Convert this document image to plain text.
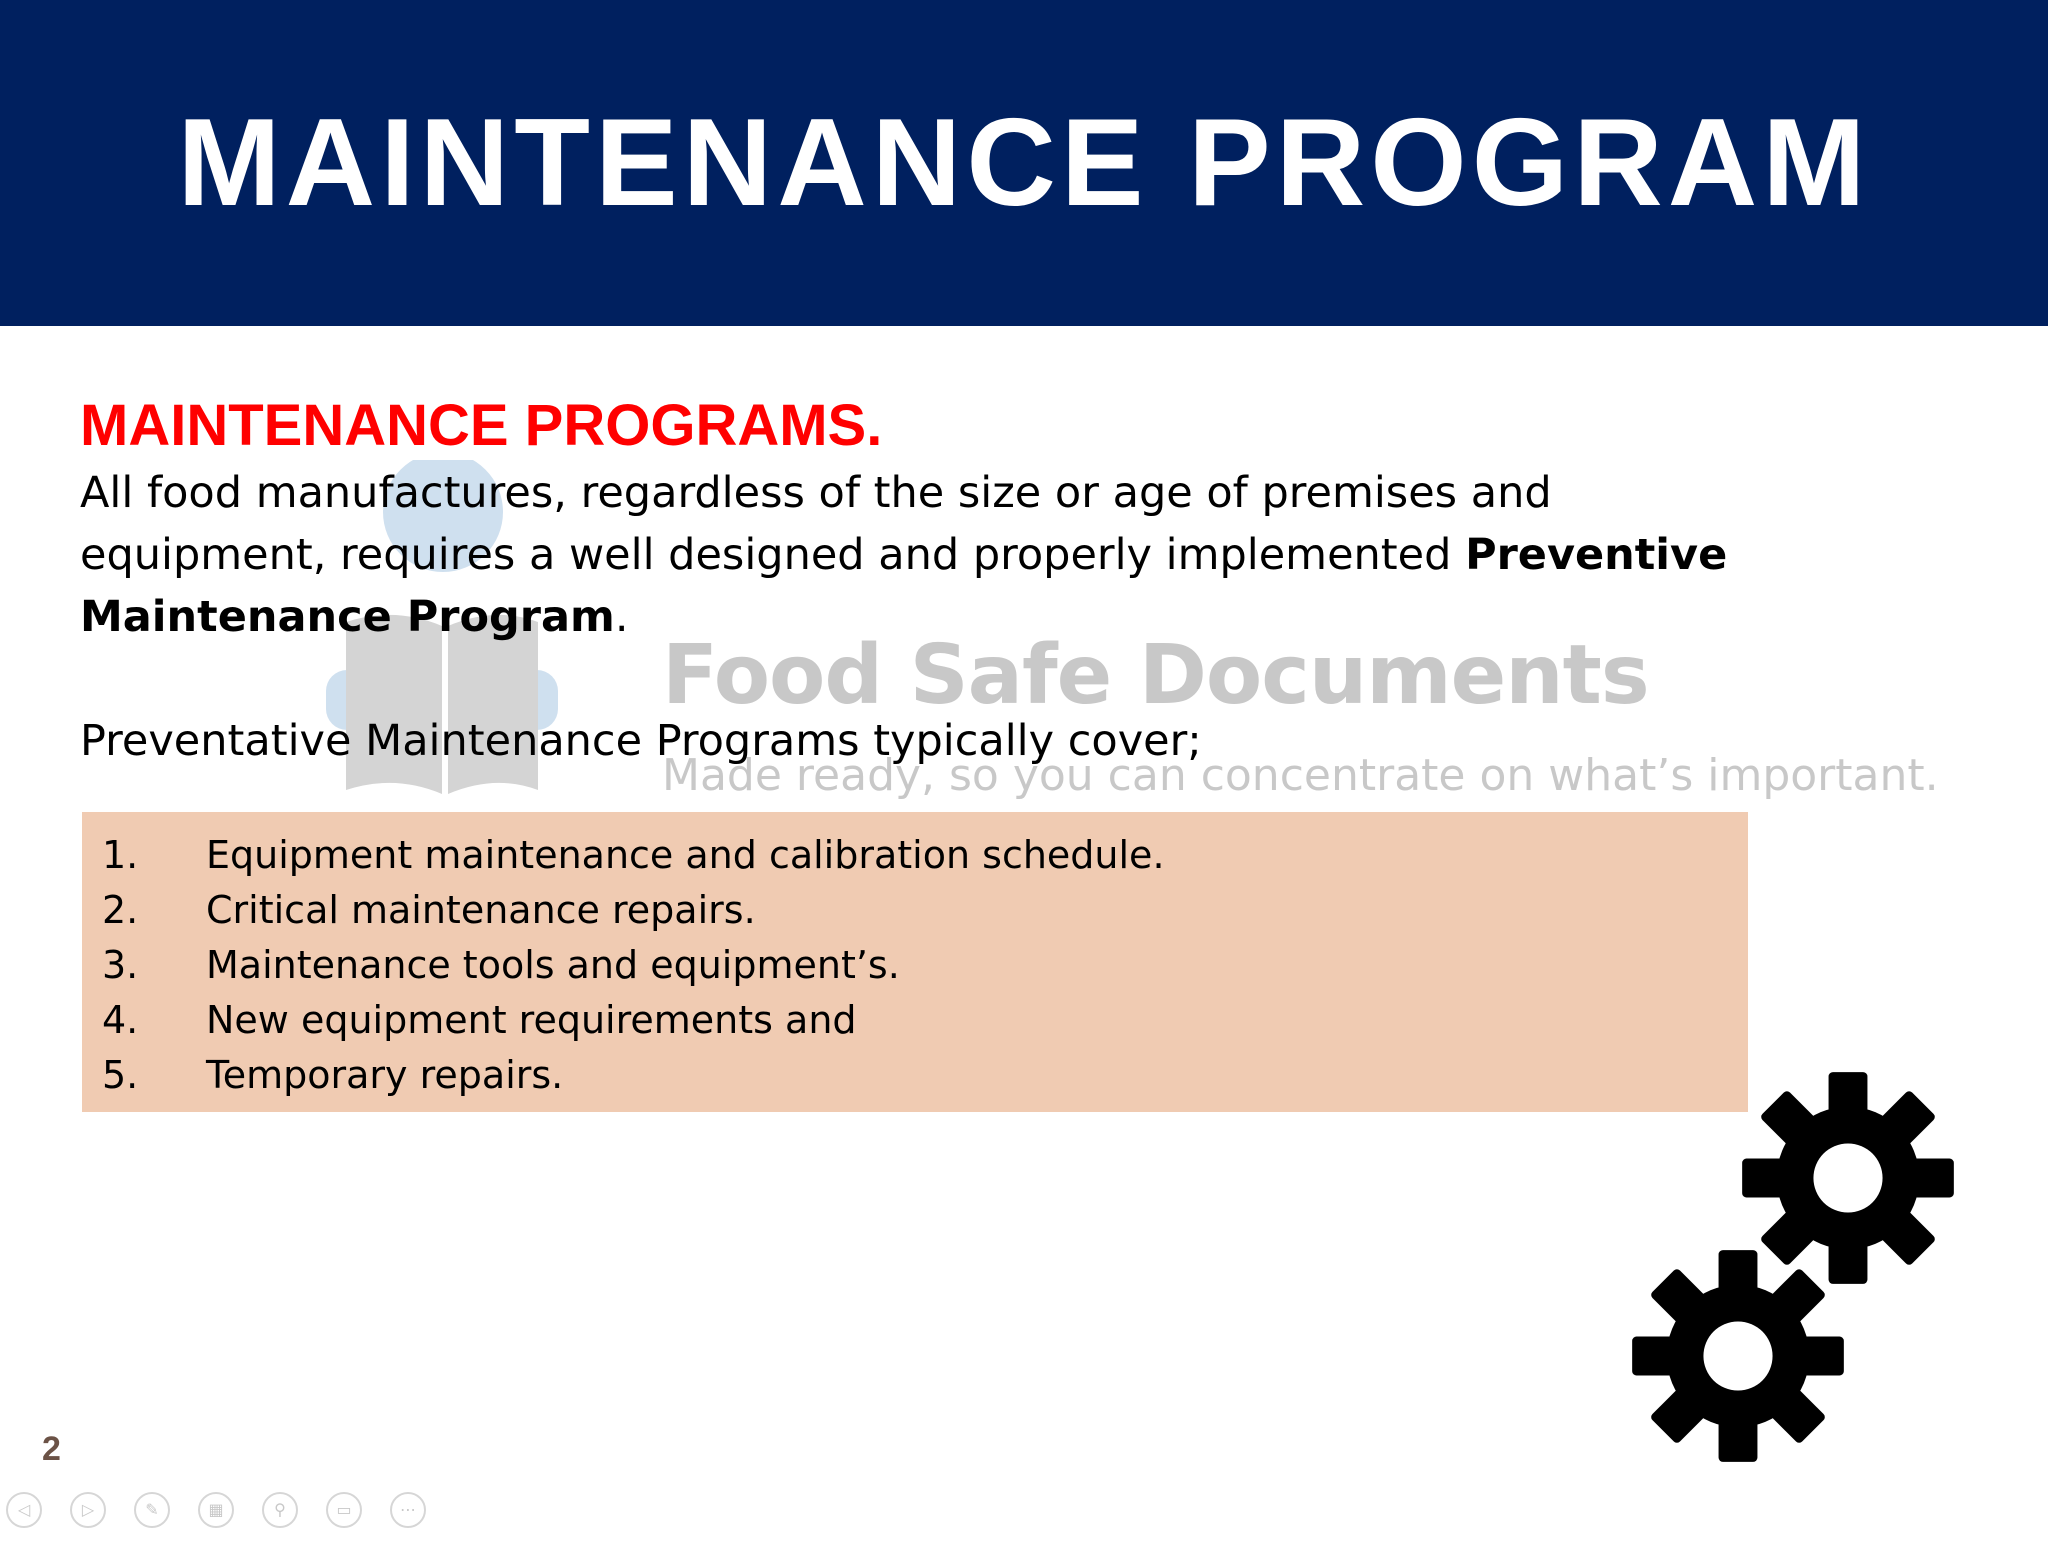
MAINTENANCE PROGRAM
Food Safe Documents
Made ready, so you can concentrate on what’s important.
MAINTENANCE PROGRAMS.

All food manufactures, regardless of the size or age of premises and equipment, requires a well designed and properly implemented Preventive Maintenance Program.

Preventative Maintenance Programs typically cover;

1. Equipment maintenance and calibration schedule.
2. Critical maintenance repairs.
3. Maintenance tools and equipment’s.
4. New equipment requirements and
5. Temporary repairs.
2
◁	▷	✎	▦	⚲	▭	⋯
